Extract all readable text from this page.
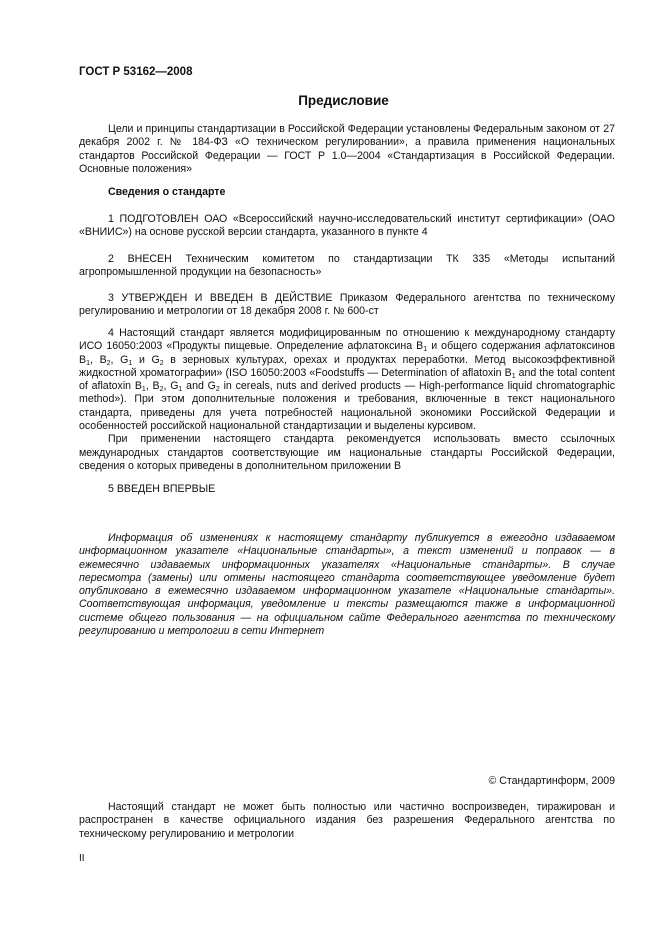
ГОСТ Р 53162—2008
Предисловие

Цели и принципы стандартизации в Российской Федерации установлены Федеральным законом от 27 декабря 2002 г. № 184-ФЗ «О техническом регулировании», а правила применения национальных стандартов Российской Федерации — ГОСТ Р 1.0—2004 «Стандартизация в Российской Федерации. Основные положения»

Сведения о стандарте

1 ПОДГОТОВЛЕН ОАО «Всероссийский научно-исследовательский институт сертификации» (ОАО «ВНИИС») на основе русской версии стандарта, указанного в пункте 4

2 ВНЕСЕН Техническим комитетом по стандартизации ТК 335 «Методы испытаний агропромышленной продукции на безопасность»

3 УТВЕРЖДЕН И ВВЕДЕН В ДЕЙСТВИЕ Приказом Федерального агентства по техническому регулированию и метрологии от 18 декабря 2008 г. № 600-ст

4 Настоящий стандарт является модифицированным по отношению к международному стандарту ИСО 16050:2003 «Продукты пищевые. Определение афлатоксина $B_1$ и общего содержания афлатоксинов $B_1$, $B_2$, $G_1$ и $G_2$ в зерновых культурах, орехах и продуктах переработки. Метод высокоэффективной жидкостной хроматографии» (ISO 16050:2003 «Foodstuffs — Determination of aflatoxin $B_1$ and the total content of aflatoxin $B_1$, $B_2$, $G_1$ and $G_2$ in cereals, nuts and derived products — High-performance liquid chromatographic method»). При этом дополнительные положения и требования, включенные в текст национального стандарта, приведены для учета потребностей национальной экономики Российской Федерации и особенностей российской национальной стандартизации и выделены курсивом.

При применении настоящего стандарта рекомендуется использовать вместо ссылочных международных стандартов соответствующие им национальные стандарты Российской Федерации, сведения о которых приведены в дополнительном приложении B

5 ВВЕДЕН ВПЕРВЫЕ

Информация об изменениях к настоящему стандарту публикуется в ежегодно издаваемом информационном указателе «Национальные стандарты», а текст изменений и поправок — в ежемесячно издаваемых информационных указателях «Национальные стандарты». В случае пересмотра (замены) или отмены настоящего стандарта соответствующее уведомление будет опубликовано в ежемесячно издаваемом информационном указателе «Национальные стандарты». Соответствующая информация, уведомление и тексты размещаются также в информационной системе общего пользования — на официальном сайте Федерального агентства по техническому регулированию и метрологии в сети Интернет

© Стандартинформ, 2009

Настоящий стандарт не может быть полностью или частично воспроизведен, тиражирован и распространен в качестве официального издания без разрешения Федерального агентства по техническому регулированию и метрологии

II
